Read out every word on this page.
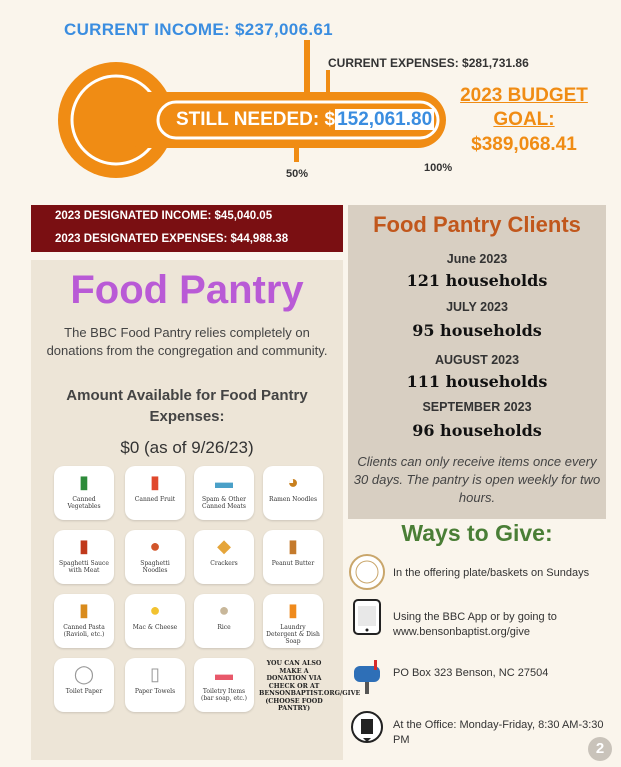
CURRENT INCOME: $237,006.61
CURRENT EXPENSES: $281,731.86
STILL NEEDED: $ 152,061.80
50%	100%
2023 BUDGET
GOAL:
$389,068.41
2023 DESIGNATED INCOME: $45,040.05
2023 DESIGNATED EXPENSES: $44,988.38
Food Pantry
The BBC Food Pantry relies completely on donations from the congregation and community.
Amount Available for Food Pantry Expenses:
$0 (as of 9/26/23)
▮
Canned Vegetables
▮
Canned Fruit
▬
Spam & Other Canned Meats
◕
Ramen Noodles
▮
Spaghetti Sauce with Meat
●
Spaghetti Noodles
◆
Crackers
▮
Peanut Butter
▮
Canned Pasta (Ravioli, etc.)
●
Mac & Cheese
●
Rice
▮
Laundry Detergent & Dish Soap
◯
Toilet Paper
▯
Paper Towels
▬
Toiletry Items (bar soap, etc.)
YOU CAN ALSO MAKE A DONATION VIA CHECK OR AT BENSONBAPTIST.ORG/GIVE (CHOOSE FOOD PANTRY)
Food Pantry Clients
June 2023
121 households
JULY 2023
95 households
AUGUST 2023
111 households
SEPTEMBER 2023
96 households
Clients can only receive items once every 30 days. The pantry is open weekly for two hours.
Ways to Give:
In the offering plate/baskets on Sundays
Using the BBC App or by going to www.bensonbaptist.org/give
PO Box 323 Benson, NC 27504
At the Office: Monday-Friday, 8:30 AM-3:30 PM	2
